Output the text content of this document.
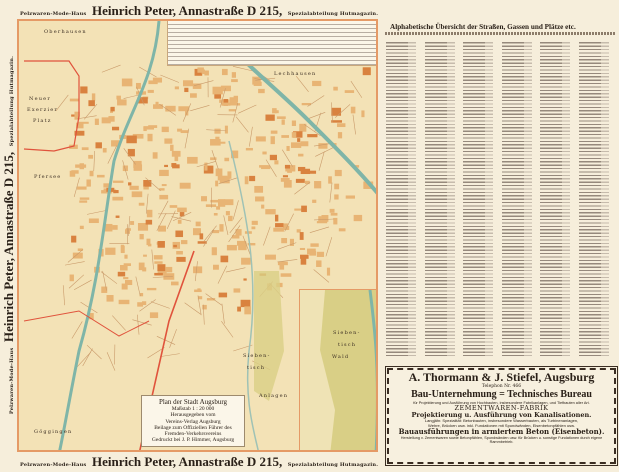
Pelzwaren-Mode-Haus Heinrich Peter, Annastraße D 215, Spezialabteilung Hutmagazin.
Pelzwaren-Mode-Haus Heinrich Peter, Annastraße D 215, Spezialabteilung Hutmagazin.
Pelzwaren-Mode-Haus Heinrich Peter, Annastraße D 215, Spezialabteilung Hutmagazin.
Oberhausen
Lechhausen
Neuer
Exerzier
Platz
Pfersee
Göggingen
Sieben-
tisch
Anlagen
Sieben-
tisch
Wald
Plan der Stadt Augsburg
Maßstab 1 : 20 000
Herausgegeben vom
Vereins-Verlag Augsburg
Beilage zum Offiziellen Führer des
Fremden-Verkehrsvereins
Gedruckt bei J. P. Himmer, Augsburg
Alphabetische Übersicht der Straßen, Gassen und Plätze etc.
A. Thormann & J. Stiefel, Augsburg
Telephon Nr. 466
Bau-Unternehmung = Technisches Bureau
für Projektierung und Ausführung von Hochbauten, insbesondere Fabrikanlagen, und Tiefbauten aller Art.
ZEMENTWAREN-FABRIK
Projektierung u. Ausführung von Kanalisationen.
Langjähr. Spezialität: Betonbauten, insbesondere Wasserbauten, als Turbinenanlagen,
Wehre, Brücken usw. inkl. Fundationen mit Spundwänden, Eisenbetonpfählen usw.
Bauausführungen in armiertem Beton (Eisenbeton).
Herstellung v. Zementwaren sowie Betonpfählen, Spundwänden usw. für Brücken u. sonstige Fundationen durch eigene Rammbetrieb.
